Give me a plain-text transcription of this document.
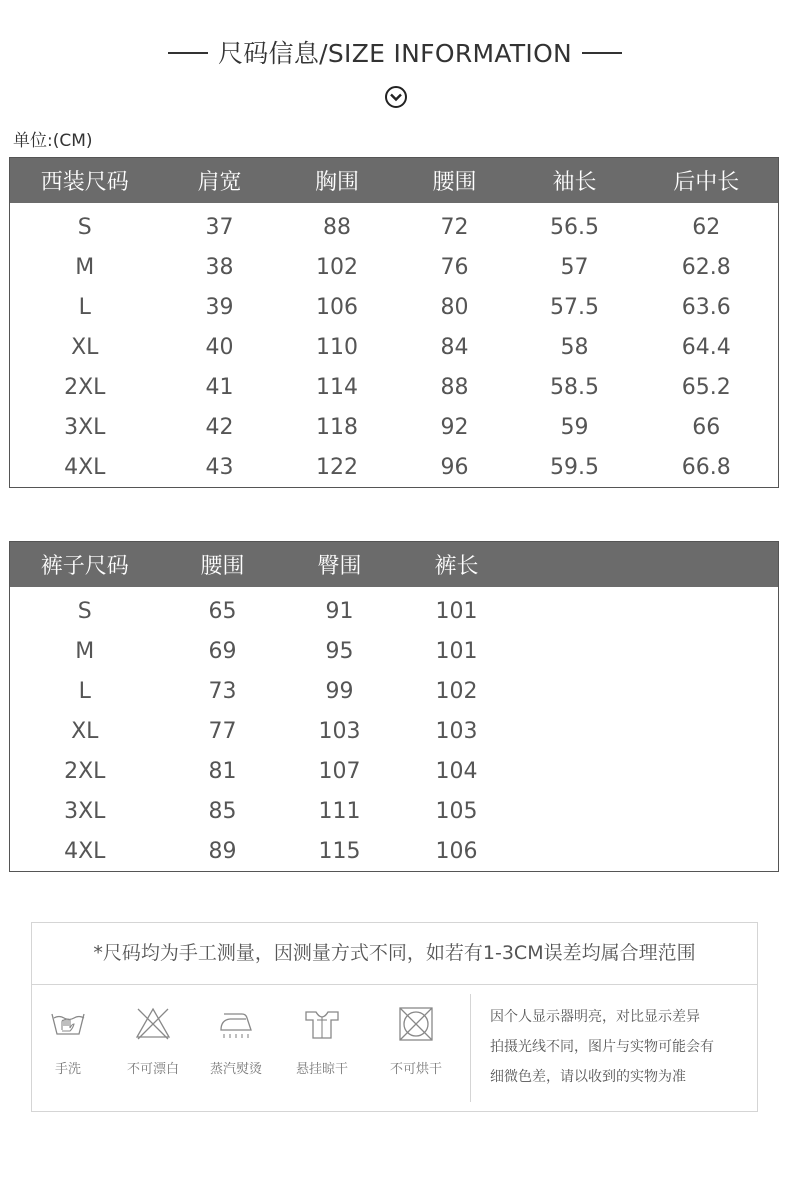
尺码信息/SIZE INFORMATION
单位:(CM)
西装尺码	肩宽	胸围	腰围	袖长	后中长
S	37	88	72	56.5	62
M	38	102	76	57	62.8
L	39	106	80	57.5	63.6
XL	40	110	84	58	64.4
2XL	41	114	88	58.5	65.2
3XL	42	118	92	59	66
4XL	43	122	96	59.5	66.8
裤子尺码	腰围	臀围	裤长	
S	65	91	101	
M	69	95	101	
L	73	99	102	
XL	77	103	103	
2XL	81	107	104	
3XL	85	111	105	
4XL	89	115	106	
*尺码均为手工测量，因测量方式不同，如若有1-3CM误差均属合理范围
手洗	不可漂白	蒸汽熨烫	悬挂晾干	不可烘干
因个人显示器明亮，对比显示差异
拍摄光线不同，图片与实物可能会有
细微色差，请以收到的实物为准
